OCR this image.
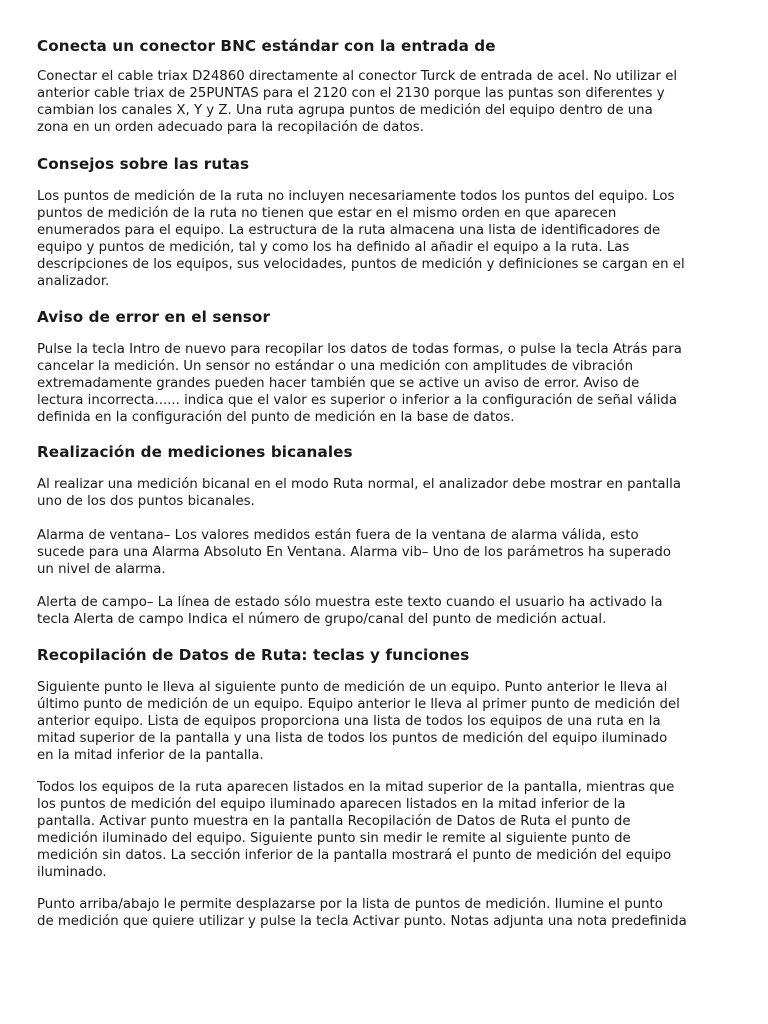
Conecta un conector BNC estándar con la entrada de

Conectar el cable triax D24860 directamente al conector Turck de entrada de acel. No utilizar el
anterior cable triax de 25PUNTAS para el 2120 con el 2130 porque las puntas son diferentes y
cambian los canales X, Y y Z. Una ruta agrupa puntos de medición del equipo dentro de una
zona en un orden adecuado para la recopilación de datos.

Consejos sobre las rutas

Los puntos de medición de la ruta no incluyen necesariamente todos los puntos del equipo. Los
puntos de medición de la ruta no tienen que estar en el mismo orden en que aparecen
enumerados para el equipo. La estructura de la ruta almacena una lista de identificadores de
equipo y puntos de medición, tal y como los ha definido al añadir el equipo a la ruta. Las
descripciones de los equipos, sus velocidades, puntos de medición y definiciones se cargan en el
analizador.

Aviso de error en el sensor

Pulse la tecla Intro de nuevo para recopilar los datos de todas formas, o pulse la tecla Atrás para
cancelar la medición. Un sensor no estándar o una medición con amplitudes de vibración
extremadamente grandes pueden hacer también que se active un aviso de error. Aviso de
lectura incorrecta...... indica que el valor es superior o inferior a la configuración de señal válida
definida en la configuración del punto de medición en la base de datos.

Realización de mediciones bicanales

Al realizar una medición bicanal en el modo Ruta normal, el analizador debe mostrar en pantalla
uno de los dos puntos bicanales.

Alarma de ventana– Los valores medidos están fuera de la ventana de alarma válida, esto
sucede para una Alarma Absoluto En Ventana. Alarma vib– Uno de los parámetros ha superado
un nivel de alarma.

Alerta de campo– La línea de estado sólo muestra este texto cuando el usuario ha activado la
tecla Alerta de campo Indica el número de grupo/canal del punto de medición actual.

Recopilación de Datos de Ruta: teclas y funciones

Siguiente punto le lleva al siguiente punto de medición de un equipo. Punto anterior le lleva al
último punto de medición de un equipo. Equipo anterior le lleva al primer punto de medición del
anterior equipo. Lista de equipos proporciona una lista de todos los equipos de una ruta en la
mitad superior de la pantalla y una lista de todos los puntos de medición del equipo iluminado
en la mitad inferior de la pantalla.

Todos los equipos de la ruta aparecen listados en la mitad superior de la pantalla, mientras que
los puntos de medición del equipo iluminado aparecen listados en la mitad inferior de la
pantalla. Activar punto muestra en la pantalla Recopilación de Datos de Ruta el punto de
medición iluminado del equipo. Siguiente punto sin medir le remite al siguiente punto de
medición sin datos. La sección inferior de la pantalla mostrará el punto de medición del equipo
iluminado.

Punto arriba/abajo le permite desplazarse por la lista de puntos de medición. Ilumine el punto
de medición que quiere utilizar y pulse la tecla Activar punto. Notas adjunta una nota predefinida
